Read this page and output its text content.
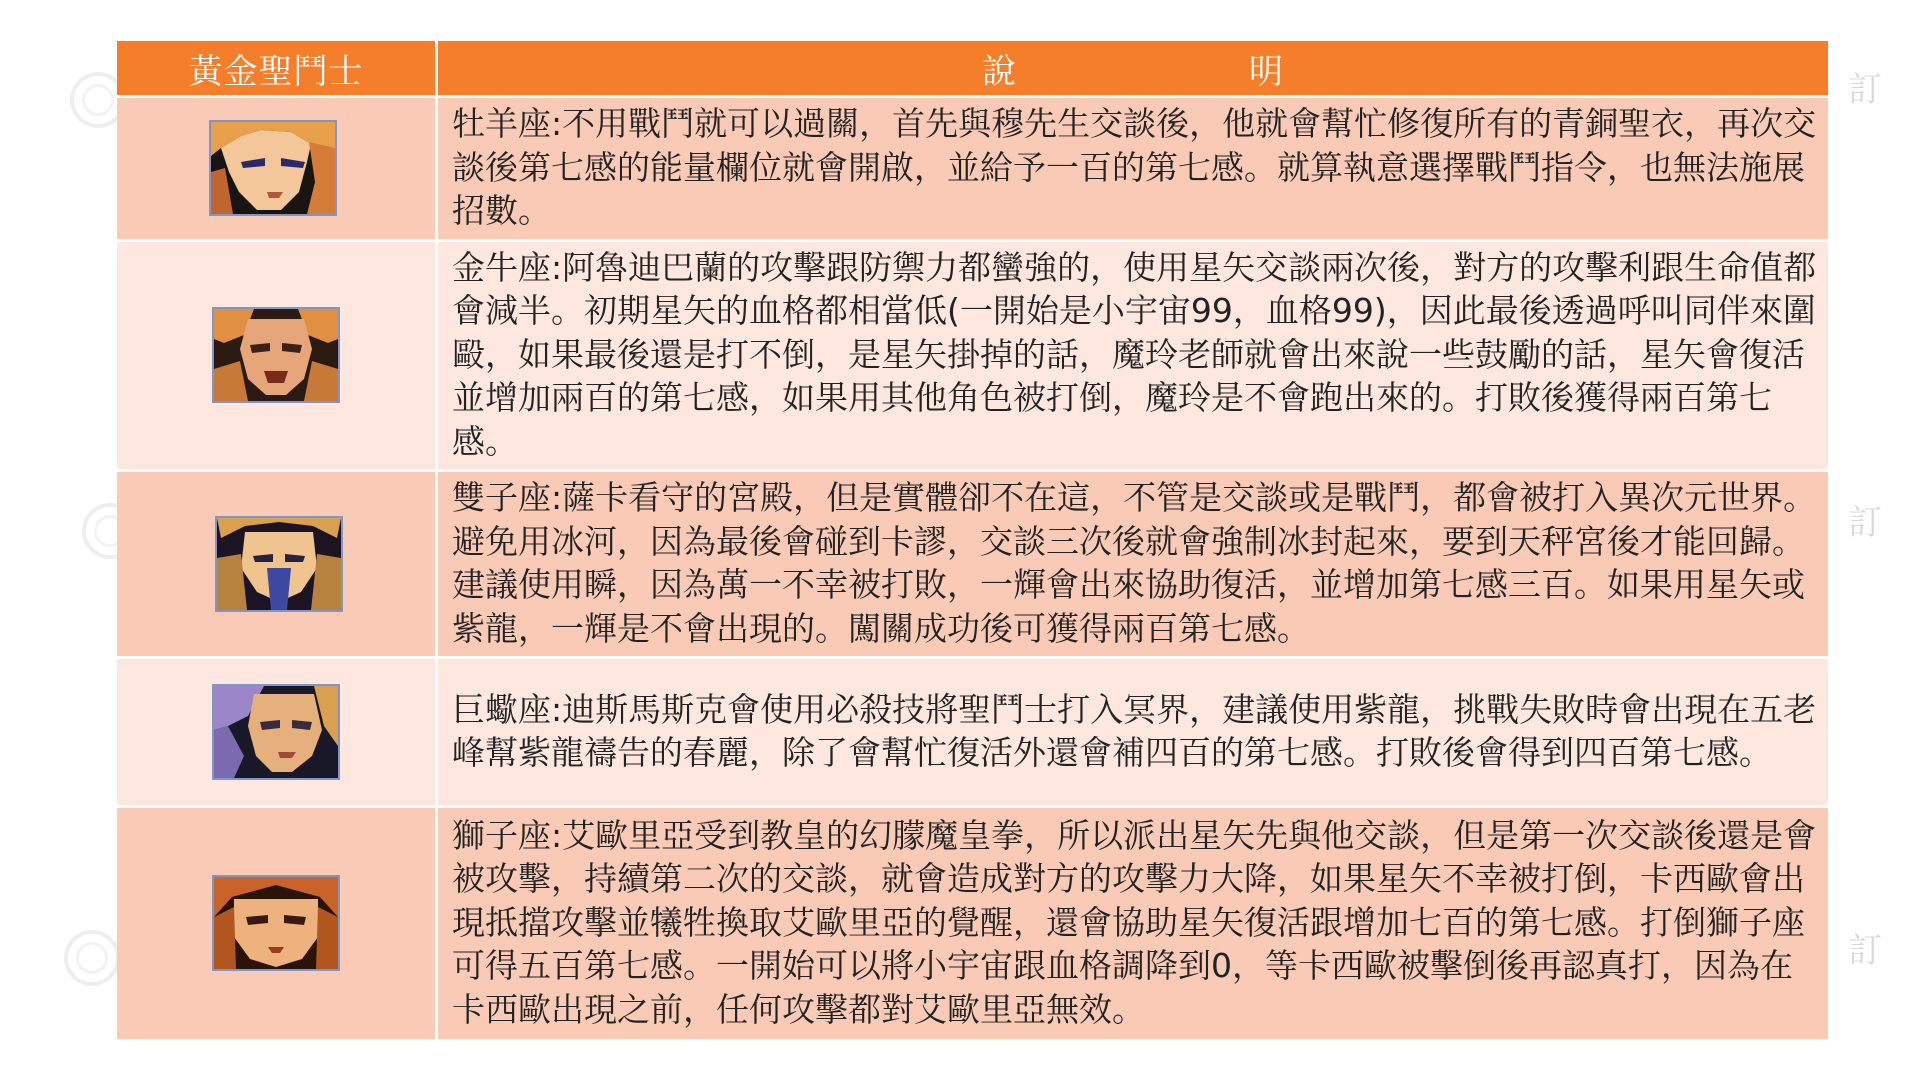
訂
訂
訂
黃金聖鬥士	說 明

	牡羊座:不用戰鬥就可以過關，首先與穆先生交談後，他就會幫忙修復所有的青銅聖衣，再次交談後第七感的能量欄位就會開啟，並給予一百的第七感。就算執意選擇戰鬥指令，也無法施展招數。

	金牛座:阿魯迪巴蘭的攻擊跟防禦力都蠻強的，使用星矢交談兩次後，對方的攻擊利跟生命值都會減半。初期星矢的血格都相當低(一開始是小宇宙99，血格99)，因此最後透過呼叫同伴來圍毆，如果最後還是打不倒，是星矢掛掉的話，魔玲老師就會出來說一些鼓勵的話，星矢會復活並增加兩百的第七感，如果用其他角色被打倒，魔玲是不會跑出來的。打敗後獲得兩百第七感。

	雙子座:薩卡看守的宮殿，但是實體卻不在這，不管是交談或是戰鬥，都會被打入異次元世界。避免用冰河，因為最後會碰到卡謬，交談三次後就會強制冰封起來，要到天秤宮後才能回歸。建議使用瞬，因為萬一不幸被打敗，一輝會出來協助復活，並增加第七感三百。如果用星矢或紫龍，一輝是不會出現的。闖關成功後可獲得兩百第七感。

	巨蠍座:迪斯馬斯克會使用必殺技將聖鬥士打入冥界，建議使用紫龍，挑戰失敗時會出現在五老峰幫紫龍禱告的春麗，除了會幫忙復活外還會補四百的第七感。打敗後會得到四百第七感。

	獅子座:艾歐里亞受到教皇的幻朦魔皇拳，所以派出星矢先與他交談，但是第一次交談後還是會被攻擊，持續第二次的交談，就會造成對方的攻擊力大降，如果星矢不幸被打倒，卡西歐會出現抵擋攻擊並犧牲換取艾歐里亞的覺醒，還會協助星矢復活跟增加七百的第七感。打倒獅子座可得五百第七感。一開始可以將小宇宙跟血格調降到0，等卡西歐被擊倒後再認真打，因為在卡西歐出現之前，任何攻擊都對艾歐里亞無效。
